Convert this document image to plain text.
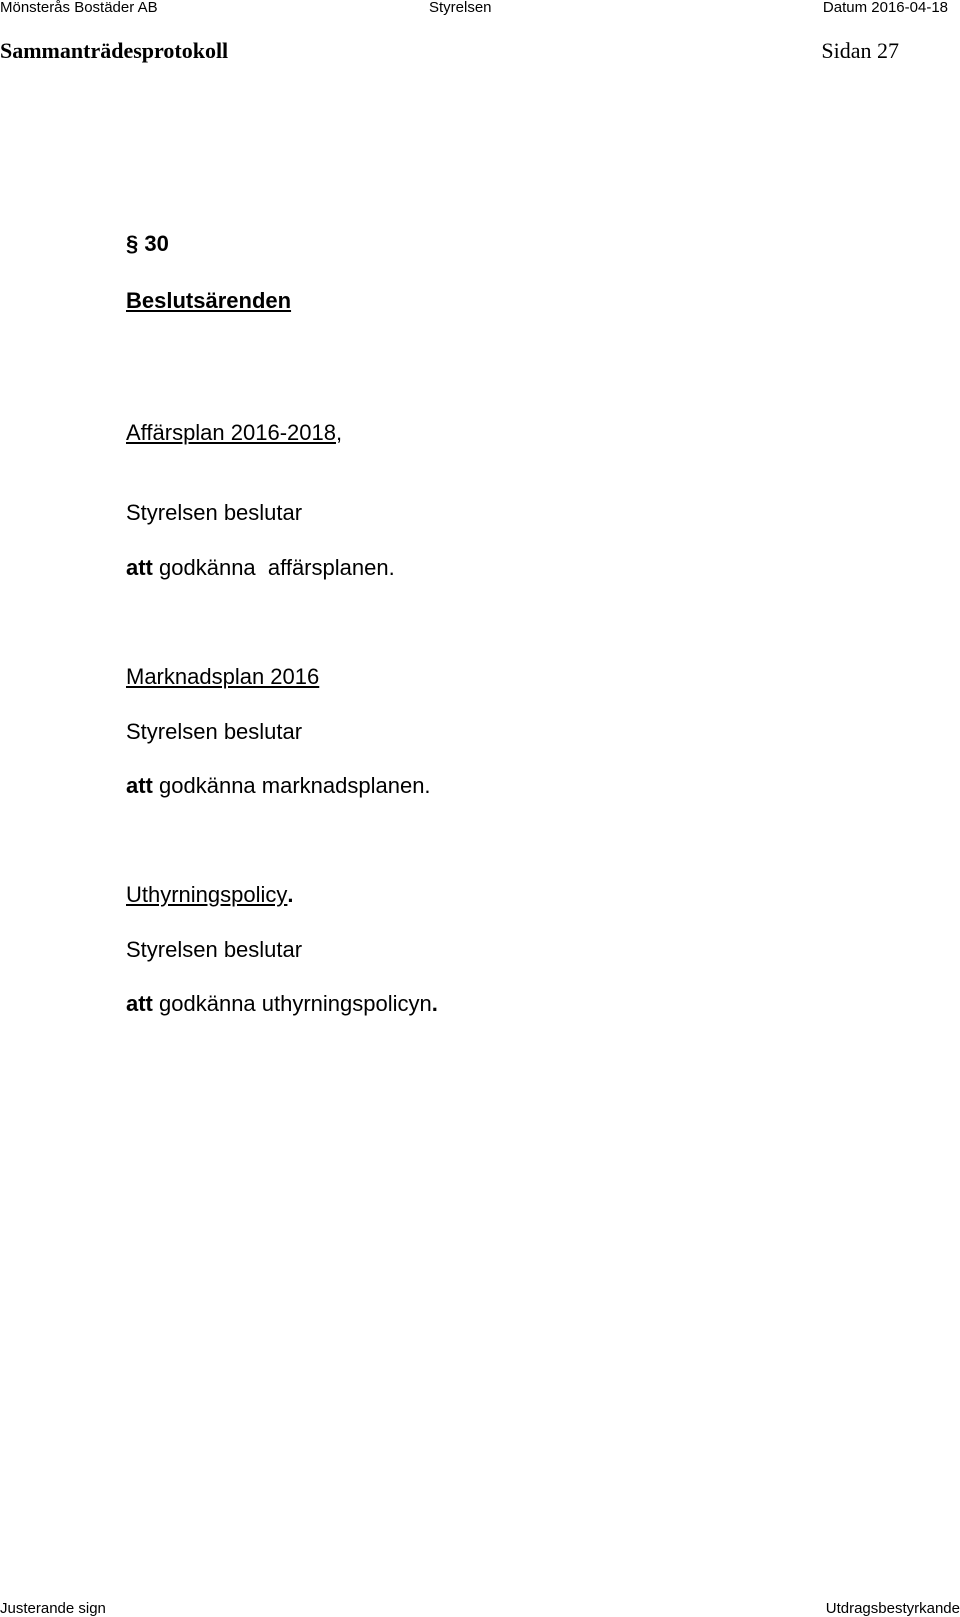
Mönsterås Bostäder AB	Styrelsen	Datum 2016-04-18
Sammanträdesprotokoll	Sidan 27
§ 30
Beslutsärenden
Affärsplan 2016-2018,
Styrelsen beslutar
att godkänna  affärsplanen.
Marknadsplan 2016
Styrelsen beslutar
att godkänna marknadsplanen.
Uthyrningspolicy.
Styrelsen beslutar
att godkänna uthyrningspolicyn.
Justerande sign	Utdragsbestyrkande
